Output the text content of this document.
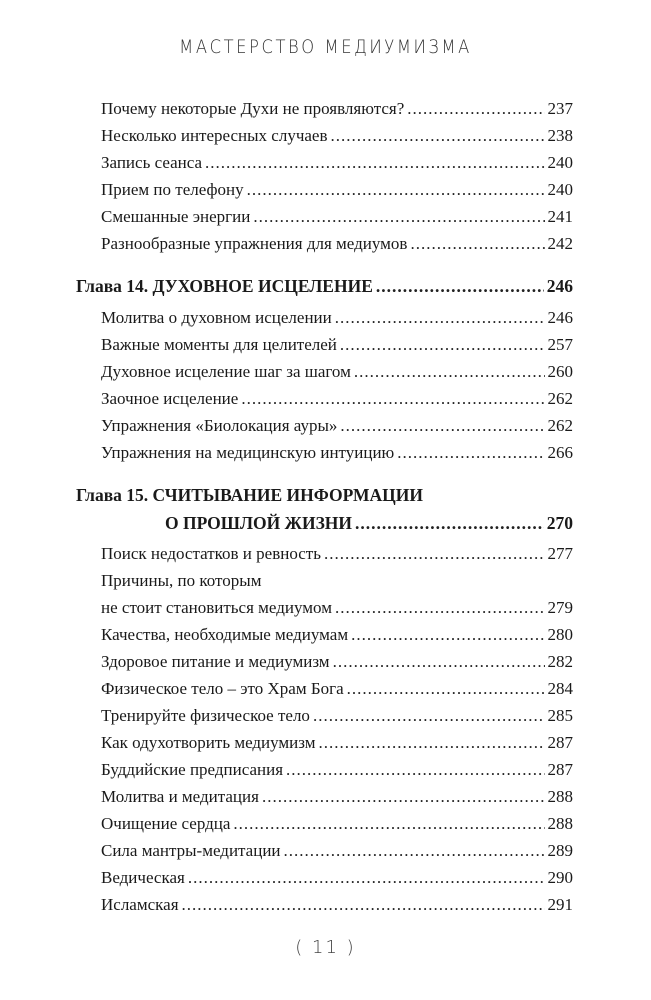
МАСТЕРСТВО МЕДИУМИЗМА
Почему некоторые Духи не проявляются? .....	237
Несколько интересных случаев .....	238
Запись сеанса .....	240
Прием по телефону .....	240
Смешанные энергии .....	241
Разнообразные упражнения для медиумов .....	242
Глава 14. ДУХОВНОЕ ИСЦЕЛЕНИЕ .....	246
Молитва о духовном исцелении .....	246
Важные моменты для целителей .....	257
Духовное исцеление шаг за шагом .....	260
Заочное исцеление .....	262
Упражнения «Биолокация ауры» .....	262
Упражнения на медицинскую интуицию .....	266
Глава 15. СЧИТЫВАНИЕ ИНФОРМАЦИИ
О ПРОШЛОЙ ЖИЗНИ .....	270
Поиск недостатков и ревность .....	277
Причины, по которым
не стоит становиться медиумом .....	279
Качества, необходимые медиумам .....	280
Здоровое питание и медиумизм .....	282
Физическое тело – это Храм Бога .....	284
Тренируйте физическое тело .....	285
Как одухотворить медиумизм .....	287
Буддийские предписания .....	287
Молитва и медитация .....	288
Очищение сердца .....	288
Сила мантры-медитации .....	289
Ведическая .....	290
Исламская .....	291
( 11 )
